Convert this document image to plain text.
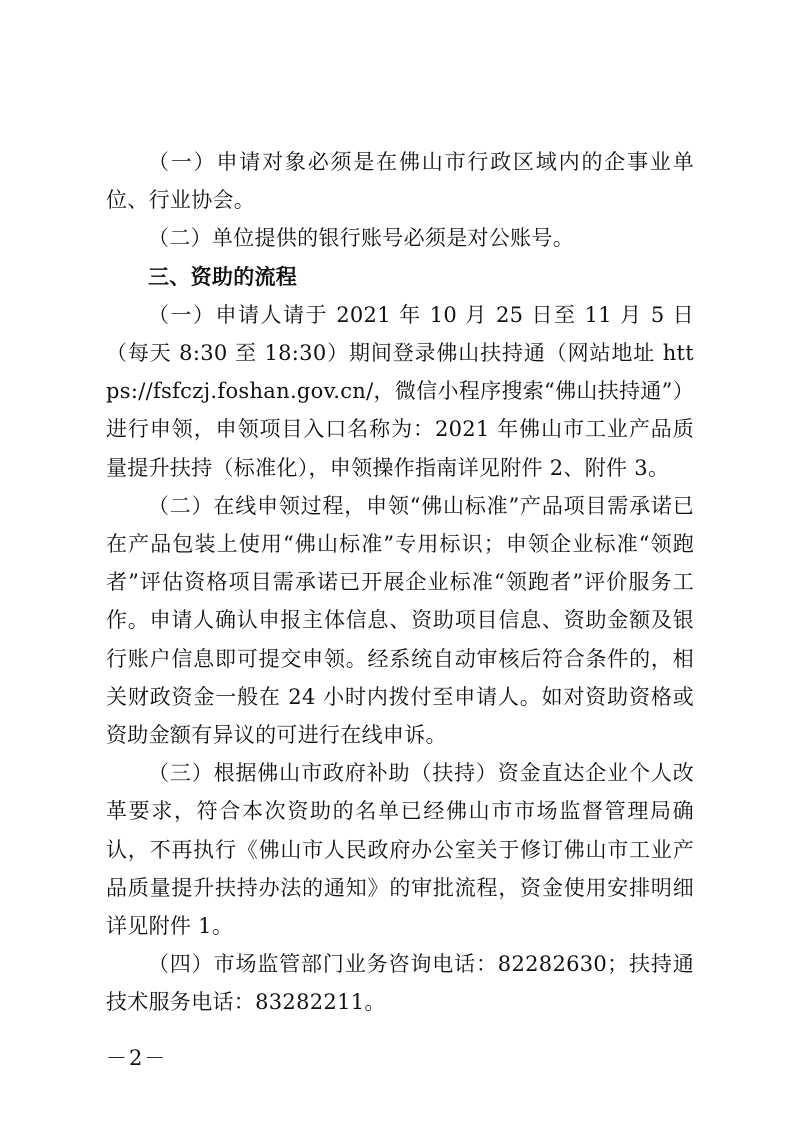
（一）申请对象必须是在佛山市行政区域内的企事业单位、行业协会。

（二）单位提供的银行账号必须是对公账号。

三、资助的流程

（一）申请人请于 2021 年 10 月 25 日至 11 月 5 日（每天 8:30 至 18:30）期间登录佛山扶持通（网站地址 https://fsfczj.foshan.gov.cn/，微信小程序搜索“佛山扶持通”）进行申领，申领项目入口名称为：2021 年佛山市工业产品质量提升扶持（标准化），申领操作指南详见附件 2、附件 3。

（二）在线申领过程，申领“佛山标准”产品项目需承诺已在产品包装上使用“佛山标准”专用标识；申领企业标准“领跑者”评估资格项目需承诺已开展企业标准“领跑者”评价服务工作。申请人确认申报主体信息、资助项目信息、资助金额及银行账户信息即可提交申领。经系统自动审核后符合条件的，相关财政资金一般在 24 小时内拨付至申请人。如对资助资格或资助金额有异议的可进行在线申诉。

（三）根据佛山市政府补助（扶持）资金直达企业个人改革要求，符合本次资助的名单已经佛山市市场监督管理局确认，不再执行《佛山市人民政府办公室关于修订佛山市工业产品质量提升扶持办法的通知》的审批流程，资金使用安排明细详见附件 1。

（四）市场监管部门业务咨询电话：82282630；扶持通技术服务电话：83282211。

－2－
